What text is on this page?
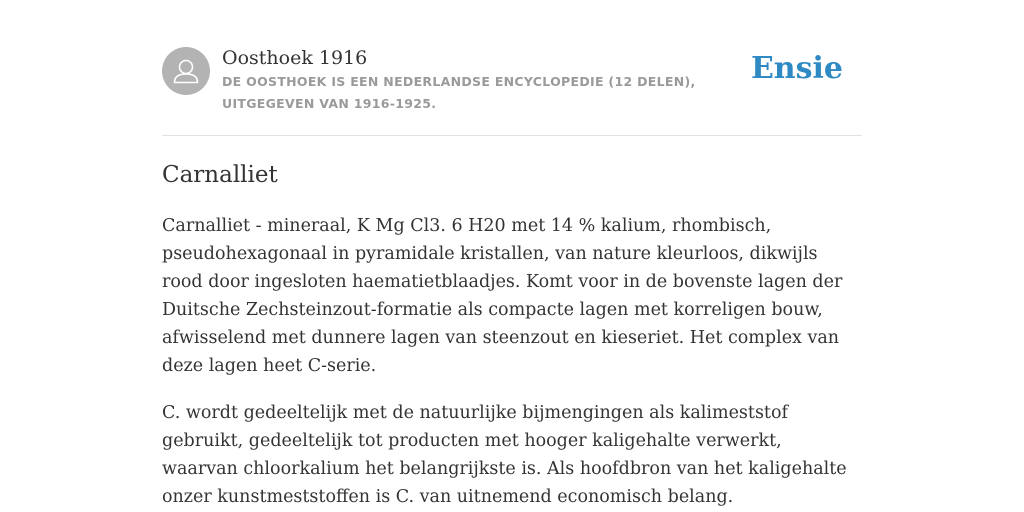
Oosthoek 1916
DE OOSTHOEK IS EEN NEDERLANDSE ENCYCLOPEDIE (12 DELEN), UITGEGEVEN VAN 1916-1925.
Ensie
Carnalliet

Carnalliet - mineraal, K Mg Cl3. 6 H20 met 14 % kalium, rhombisch, pseudohexagonaal in pyramidale kristallen, van nature kleurloos, dikwijls rood door ingesloten haematietblaadjes. Komt voor in de bovenste lagen der Duitsche Zechsteinzout-formatie als compacte lagen met korreligen bouw, afwisselend met dunnere lagen van steenzout en kieseriet. Het complex van deze lagen heet C-serie.

C. wordt gedeeltelijk met de natuurlijke bijmengingen als kalimeststof gebruikt, gedeeltelijk tot producten met hooger kaligehalte verwerkt, waarvan chloorkalium het belangrijkste is. Als hoofdbron van het kaligehalte onzer kunstmeststoffen is C. van uitnemend economisch belang.
